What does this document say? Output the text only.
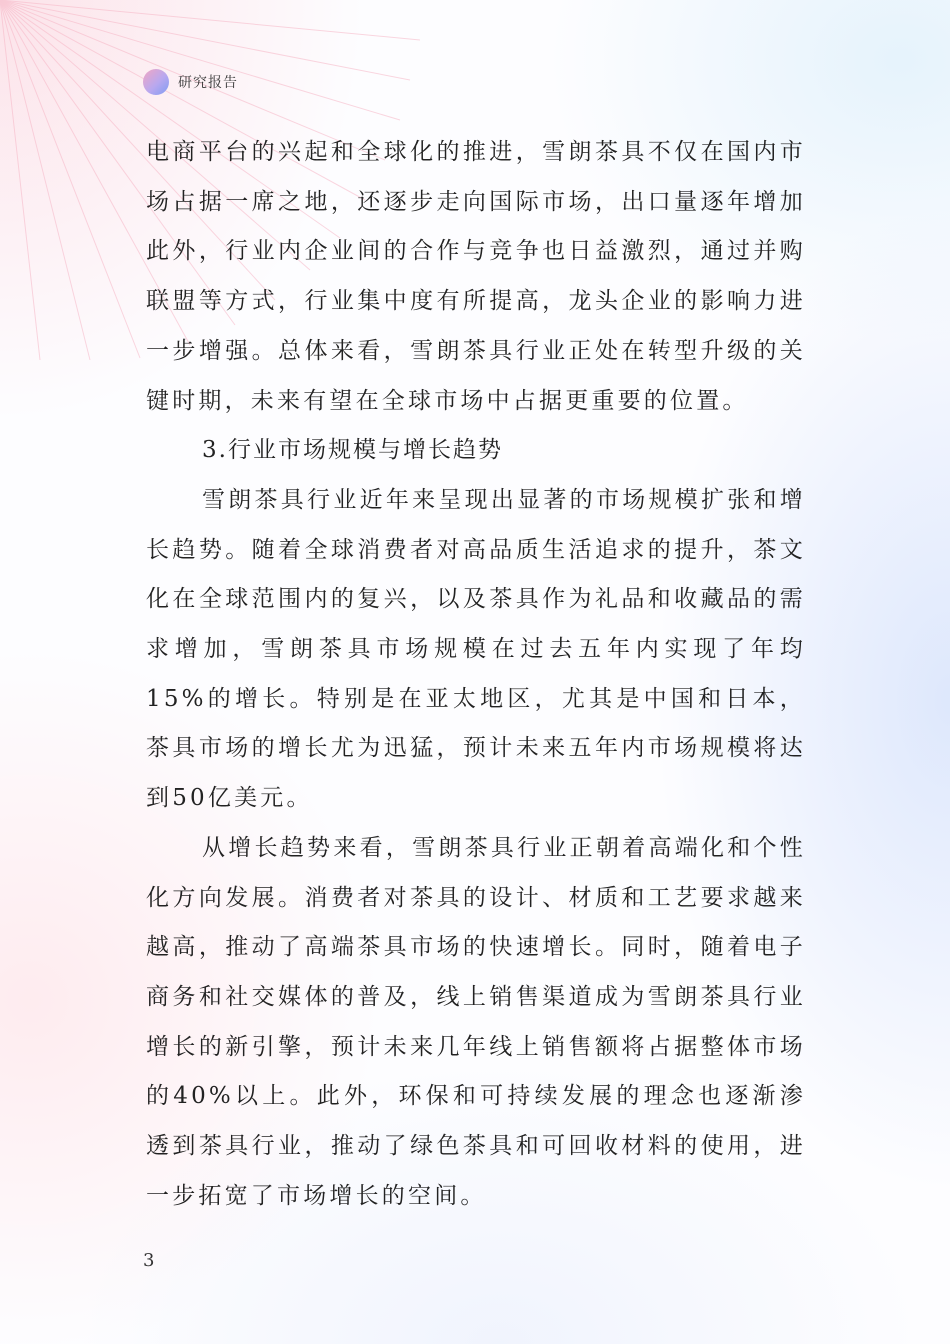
研究报告

电商平台的兴起和全球化的推进，雪朗茶具不仅在国内市场占据一席之地，还逐步走向国际市场，出口量逐年增加此外，行业内企业间的合作与竞争也日益激烈，通过并购联盟等方式，行业集中度有所提高，龙头企业的影响力进一步增强。总体来看，雪朗茶具行业正处在转型升级的关键时期，未来有望在全球市场中占据更重要的位置。

3.行业市场规模与增长趋势

雪朗茶具行业近年来呈现出显著的市场规模扩张和增长趋势。随着全球消费者对高品质生活追求的提升，茶文化在全球范围内的复兴，以及茶具作为礼品和收藏品的需求增加，雪朗茶具市场规模在过去五年内实现了年均15%的增长。特别是在亚太地区，尤其是中国和日本，茶具市场的增长尤为迅猛，预计未来五年内市场规模将达到50亿美元。

从增长趋势来看，雪朗茶具行业正朝着高端化和个性化方向发展。消费者对茶具的设计、材质和工艺要求越来越高，推动了高端茶具市场的快速增长。同时，随着电子商务和社交媒体的普及，线上销售渠道成为雪朗茶具行业增长的新引擎，预计未来几年线上销售额将占据整体市场的40%以上。此外，环保和可持续发展的理念也逐渐渗透到茶具行业，推动了绿色茶具和可回收材料的使用，进一步拓宽了市场增长的空间。

3
